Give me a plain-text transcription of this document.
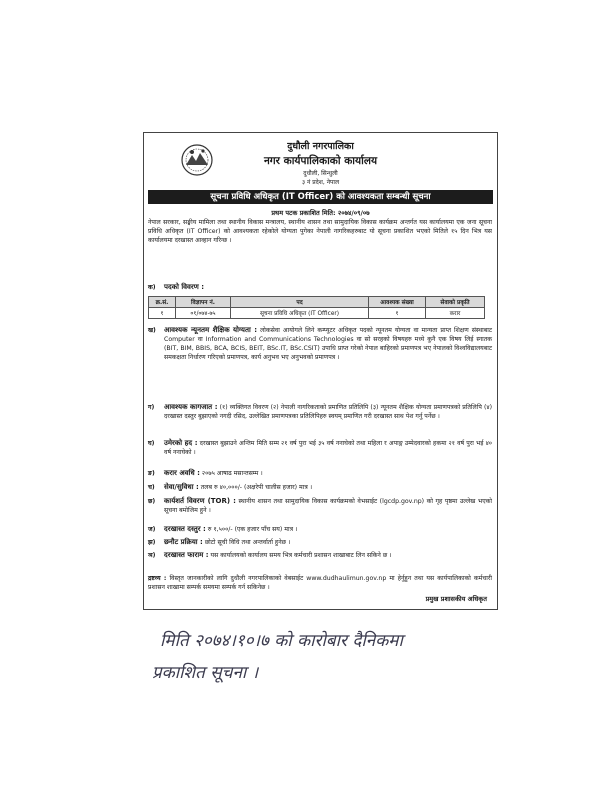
दुधौली नगरपालिका
नगर कार्यपालिकाको कार्यालय
दुधौली, सिन्धुली
३ नं प्रदेश, नेपाल
सूचना प्रविधि अधिकृत (IT Officer) को आवश्यकता सम्बन्धी सूचना
प्रथम पटक प्रकाशित मिति: २०७४/०९/०७
नेपाल सरकार, सङ्घीय मामिला तथा स्थानीय विकास मन्त्रालय, स्थानीय शासन तथा सामुदायिक विकास कार्यक्रम अन्तर्गत यस कार्यालयमा एक जना सूचना प्रविधि अधिकृत (IT Officer) को आवश्यकता रहेकोले योग्यता पुगेका नेपाली नागरिकहरुबाट यो सूचना प्रकाशित भएको मितिले १५ दिन भित्र यस कार्यालयमा दरखास्त आव्हान गरिन्छ ।
क) पदको विवरण :
क्र.सं.	विज्ञापन नं.	पद	आवश्यक संख्या	सेवाको प्रकृति
१	०१/०७४-७५	सूचना प्रविधि अधिकृत (IT Officer)	१	करार
ख) आवश्यक न्यूनतम शैक्षिक योग्यता : लोकसेवा आयोगले लिने कम्प्युटर अधिकृत पदको न्यूनतम योग्यता वा मान्यता प्राप्त शिक्षण संस्थाबाट Computer वा Information and Communications Technologies वा सो सरहको विषयहरु मध्ये कुनै एक विषय लिई स्नातक (BIT, BIM, BBIS, BCA, BCIS, BEIT, BSc.IT, BSc.CSIT) उपाधि प्राप्त गरेको नेपाल बाहिरको प्रमाणपत्र भए नेपालको विश्वविद्यालयबाट समकक्षता निर्धारण गरिएको प्रमाणपत्र, कार्य अनुभव भए अनुभवको प्रमाणपत्र ।
ग) आवश्यक कागजात : (१) व्यक्तिगत विवरण (२) नेपाली नागरिकताको प्रमाणित प्रतिलिपि (३) न्यूनतम शैक्षिक योग्यता प्रमाणपत्रको प्रतिलिपि (४) दरखास्त दस्तुर बुझाएको नगदी रसिद, उल्लेखित प्रमाणपत्रका प्रतिलिपिहरु स्वयम् प्रमाणित गरी दरखास्त साथ पेश गर्नु पर्नेछ ।
घ) उमेरको हद : दरखास्त बुझाउने अन्तिम मिति सम्म २१ वर्ष पुरा भई ३५ वर्ष ननाघेको तथा महिला र अपाङ्ग उम्मेदवारको हकमा २१ वर्ष पुरा भई ४० वर्ष ननाघेको ।
ङ) करार अवधि : २०७५ आषाढ मसान्तसम्म ।
च) सेवा/सुविधा : तलब रु ४०,०००/- (अक्षरेपी चालीस हजार) मात्र ।
छ) कार्यशर्त विवरण (TOR) : स्थानीय शासन तथा सामुदायिक विकास कार्यक्रमको वेभसाईट (lgcdp.gov.np) को गृह पृष्ठमा उल्लेख भएको सूचना बमोजिम हुने ।
ज) दरखास्त दस्तुर : रु १,५००/- (एक हजार पाँच सय) मात्र ।
झ) छनौट प्रक्रिया : छोटो सूची विधि तथा अन्तर्वार्ता हुनेछ ।
ञ) दरखास्त फाराम : यस कार्यालयको कार्यालय समय भित्र कर्मचारी प्रशासन शाखाबाट लिन सकिने छ ।
द्रष्टव्य : विस्तृत जानकारीको लागि दुधौली नगरपालिकाको वेबसाईट www.dudhaulimun.gov.np मा हेर्नुहुन तथा यस कार्यपालिकाको कर्मचारी प्रशासन शाखामा सम्पर्क समयमा सम्पर्क गर्न सकिनेछ ।
प्रमुख प्रशासकीय अधिकृत
मिति २०७४।१०।७ को कारोबार दैनिकमा
प्रकाशित सूचना ।
